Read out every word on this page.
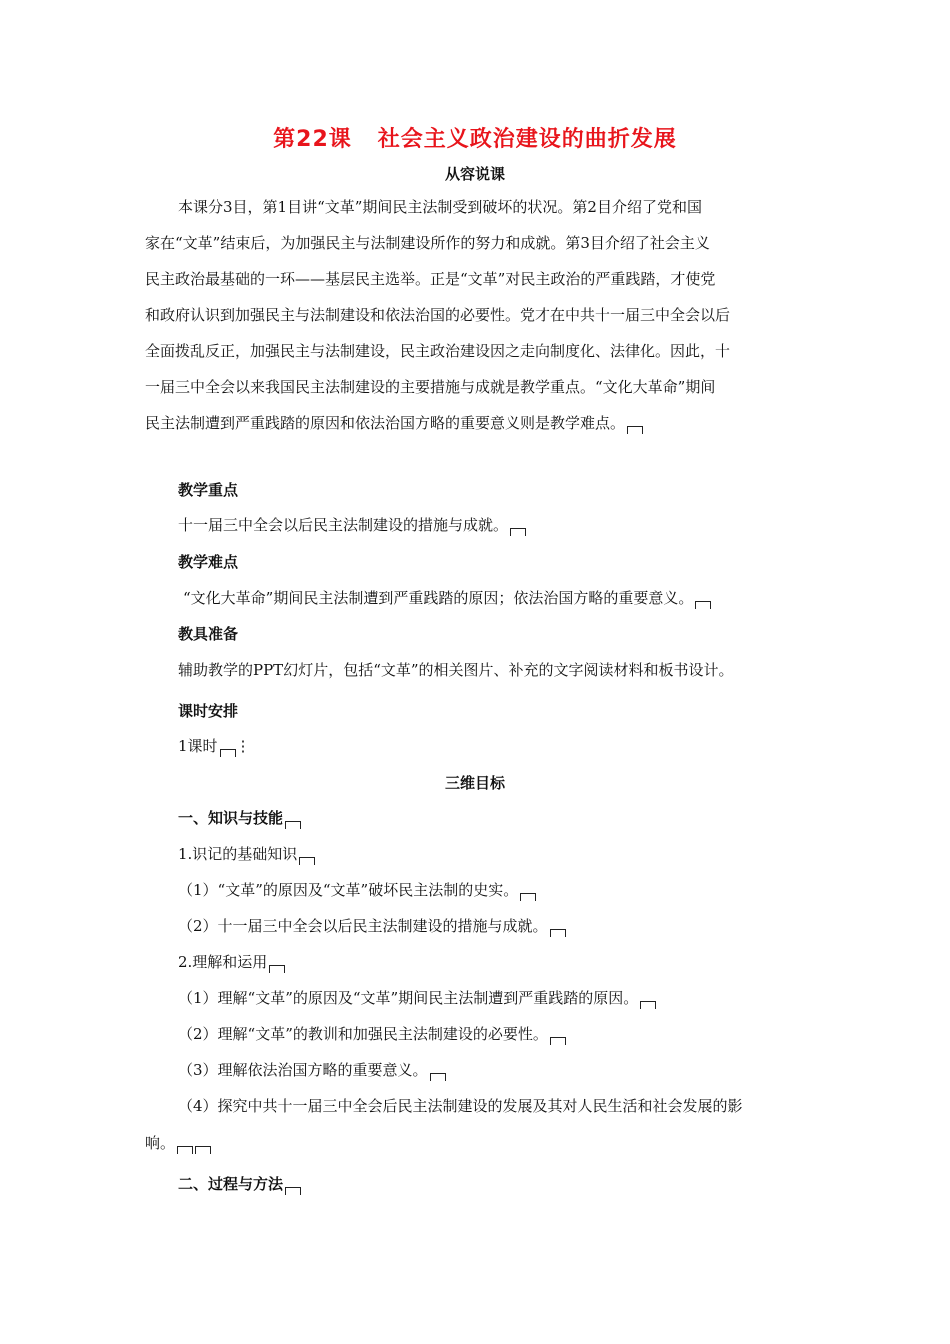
第22课 社会主义政治建设的曲折发展
从容说课
本课分3目，第1目讲“文革”期间民主法制受到破坏的状况。第2目介绍了党和国
家在“文革”结束后，为加强民主与法制建设所作的努力和成就。第3目介绍了社会主义
民主政治最基础的一环——基层民主选举。正是“文革”对民主政治的严重践踏，才使党
和政府认识到加强民主与法制建设和依法治国的必要性。党才在中共十一届三中全会以后
全面拨乱反正，加强民主与法制建设，民主政治建设因之走向制度化、法律化。因此，十
一届三中全会以来我国民主法制建设的主要措施与成就是教学重点。“文化大革命”期间
民主法制遭到严重践踏的原因和依法治国方略的重要意义则是教学难点。
教学重点
十一届三中全会以后民主法制建设的措施与成就。
教学难点
“文化大革命”期间民主法制遭到严重践踏的原因；依法治国方略的重要意义。
教具准备
辅助教学的PPT幻灯片，包括“文革”的相关图片、补充的文字阅读材料和板书设计。
课时安排
1课时 ⋮
三维目标
一、知识与技能
1.识记的基础知识
（1）“文革”的原因及“文革”破坏民主法制的史实。
（2）十一届三中全会以后民主法制建设的措施与成就。
2.理解和运用
（1）理解“文革”的原因及“文革”期间民主法制遭到严重践踏的原因。
（2）理解“文革”的教训和加强民主法制建设的必要性。
（3）理解依法治国方略的重要意义。
（4）探究中共十一届三中全会后民主法制建设的发展及其对人民生活和社会发展的影
响。
二、过程与方法
